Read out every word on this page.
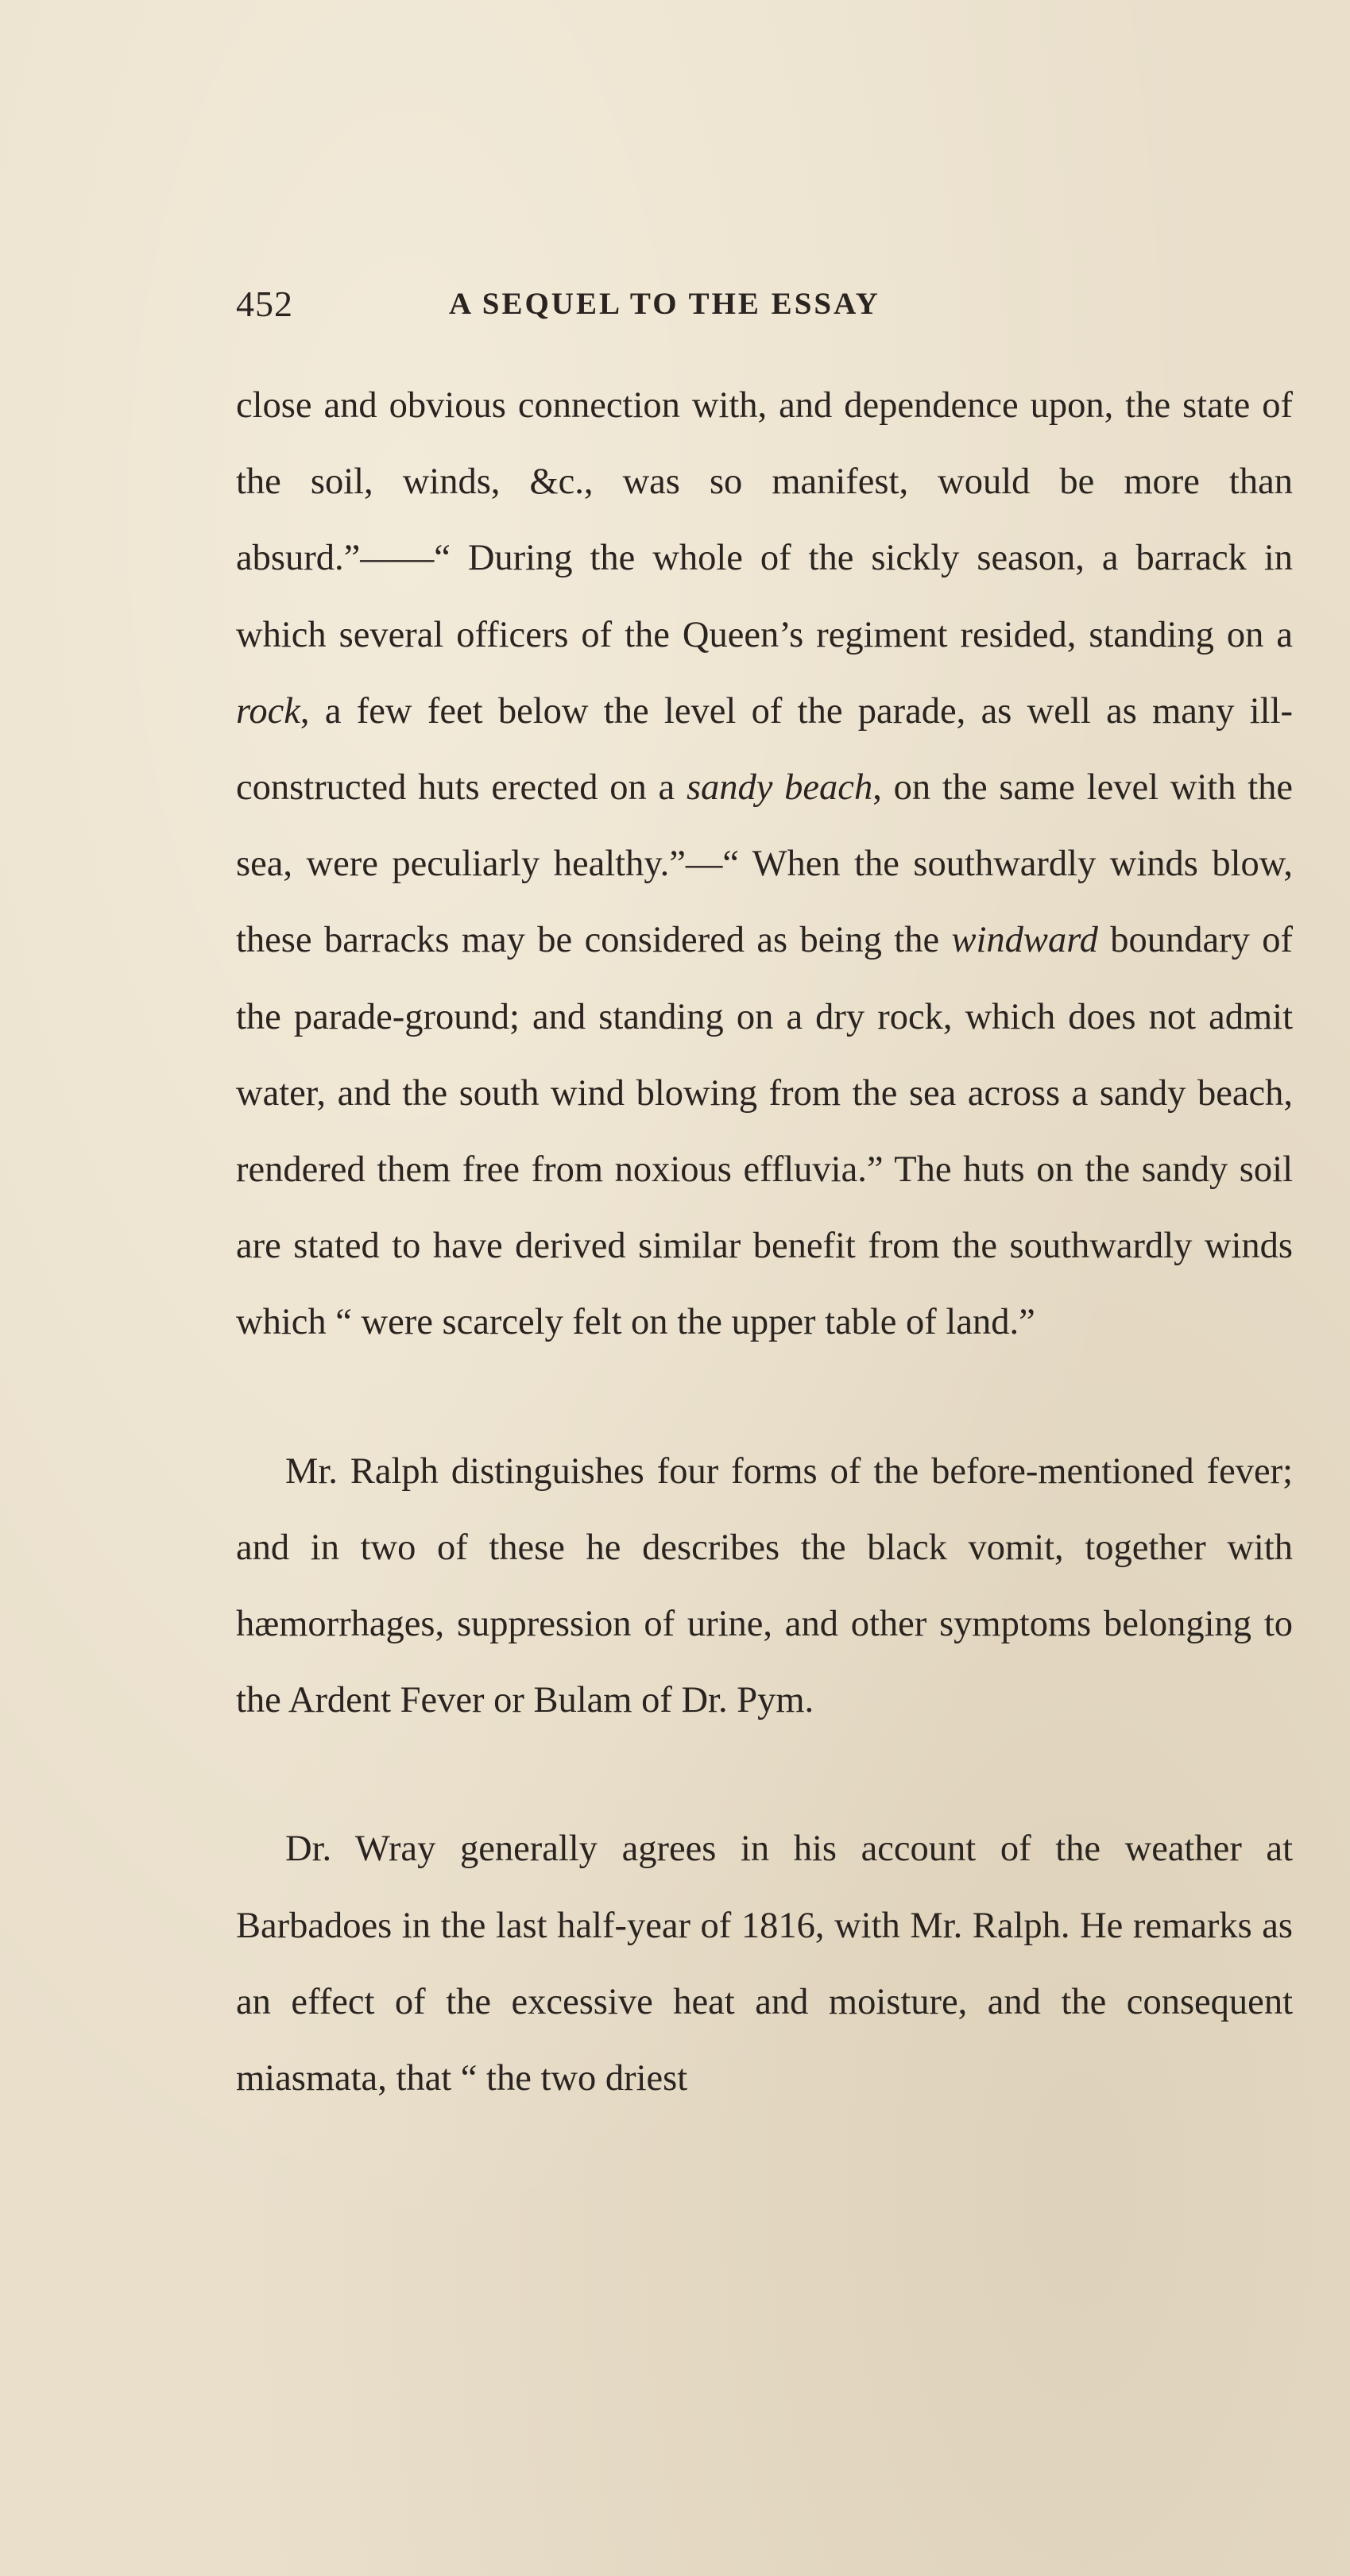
452	A SEQUEL TO THE ESSAY

close and obvious connection with, and dependence upon, the state of the soil, winds, &c., was so manifest, would be more than absurd.”——“ During the whole of the sickly season, a barrack in which several officers of the Queen’s regiment resided, standing on a rock, a few feet below the level of the parade, as well as many ill-constructed huts erected on a sandy beach, on the same level with the sea, were peculiarly healthy.”—“ When the southwardly winds blow, these barracks may be considered as being the windward boundary of the parade-ground; and standing on a dry rock, which does not admit water, and the south wind blowing from the sea across a sandy beach, rendered them free from noxious effluvia.” The huts on the sandy soil are stated to have derived similar benefit from the southwardly winds which “ were scarcely felt on the upper table of land.”

Mr. Ralph distinguishes four forms of the before-mentioned fever; and in two of these he describes the black vomit, together with hæmorrhages, suppression of urine, and other symptoms belonging to the Ardent Fever or Bulam of Dr. Pym.

Dr. Wray generally agrees in his account of the weather at Barbadoes in the last half-year of 1816, with Mr. Ralph. He remarks as an effect of the excessive heat and moisture, and the consequent miasmata, that “ the two driest
